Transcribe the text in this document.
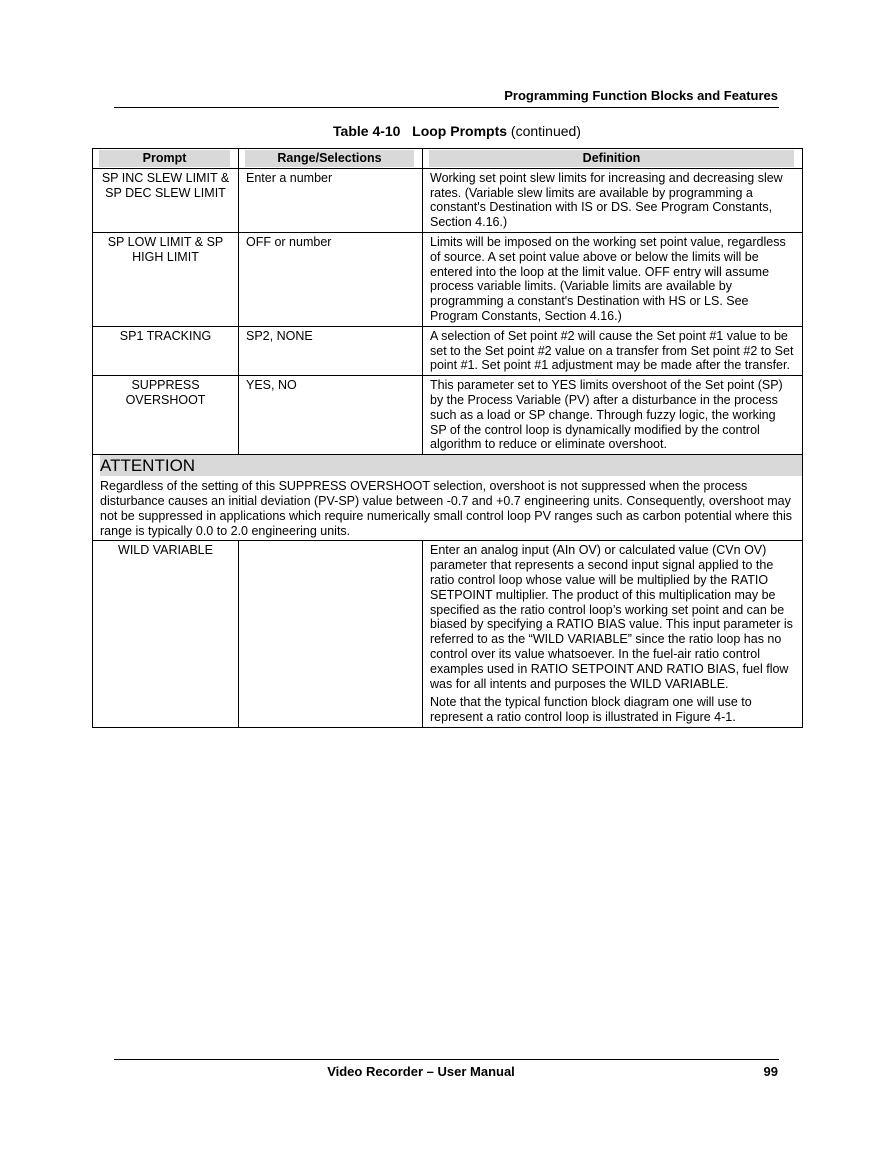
Programming Function Blocks and Features
Table 4-10 Loop Prompts (continued)
Prompt	Range/Selections	Definition

SP INC SLEW LIMIT & SP DEC SLEW LIMIT	Enter a number	Working set point slew limits for increasing and decreasing slew rates. (Variable slew limits are available by programming a constant's Destination with IS or DS. See Program Constants, Section 4.16.)
SP LOW LIMIT & SP HIGH LIMIT	OFF or number	Limits will be imposed on the working set point value, regardless of source. A set point value above or below the limits will be entered into the loop at the limit value. OFF entry will assume process variable limits. (Variable limits are available by programming a constant's Destination with HS or LS. See Program Constants, Section 4.16.)
SP1 TRACKING	SP2, NONE	A selection of Set point #2 will cause the Set point #1 value to be set to the Set point #2 value on a transfer from Set point #2 to Set point #1. Set point #1 adjustment may be made after the transfer.
SUPPRESS OVERSHOOT	YES, NO	This parameter set to YES limits overshoot of the Set point (SP) by the Process Variable (PV) after a disturbance in the process such as a load or SP change. Through fuzzy logic, the working SP of the control loop is dynamically modified by the control algorithm to reduce or eliminate overshoot.

ATTENTION
Regardless of the setting of this SUPPRESS OVERSHOOT selection, overshoot is not suppressed when the process disturbance causes an initial deviation (PV-SP) value between -0.7 and +0.7 engineering units. Consequently, overshoot may not be suppressed in applications which require numerically small control loop PV ranges such as carbon potential where this range is typically 0.0 to 2.0 engineering units.		

WILD VARIABLE		Enter an analog input (AIn OV) or calculated value (CVn OV) parameter that represents a second input signal applied to the ratio control loop whose value will be multiplied by the RATIO SETPOINT multiplier. The product of this multiplication may be specified as the ratio control loop’s working set point and can be biased by specifying a RATIO BIAS value. This input parameter is referred to as the “WILD VARIABLE” since the ratio loop has no control over its value whatsoever. In the fuel-air ratio control examples used in RATIO SETPOINT AND RATIO BIAS, fuel flow was for all intents and purposes the WILD VARIABLE.
Note that the typical function block diagram one will use to represent a ratio control loop is illustrated in Figure 4-1.
Video Recorder – User Manual	99
